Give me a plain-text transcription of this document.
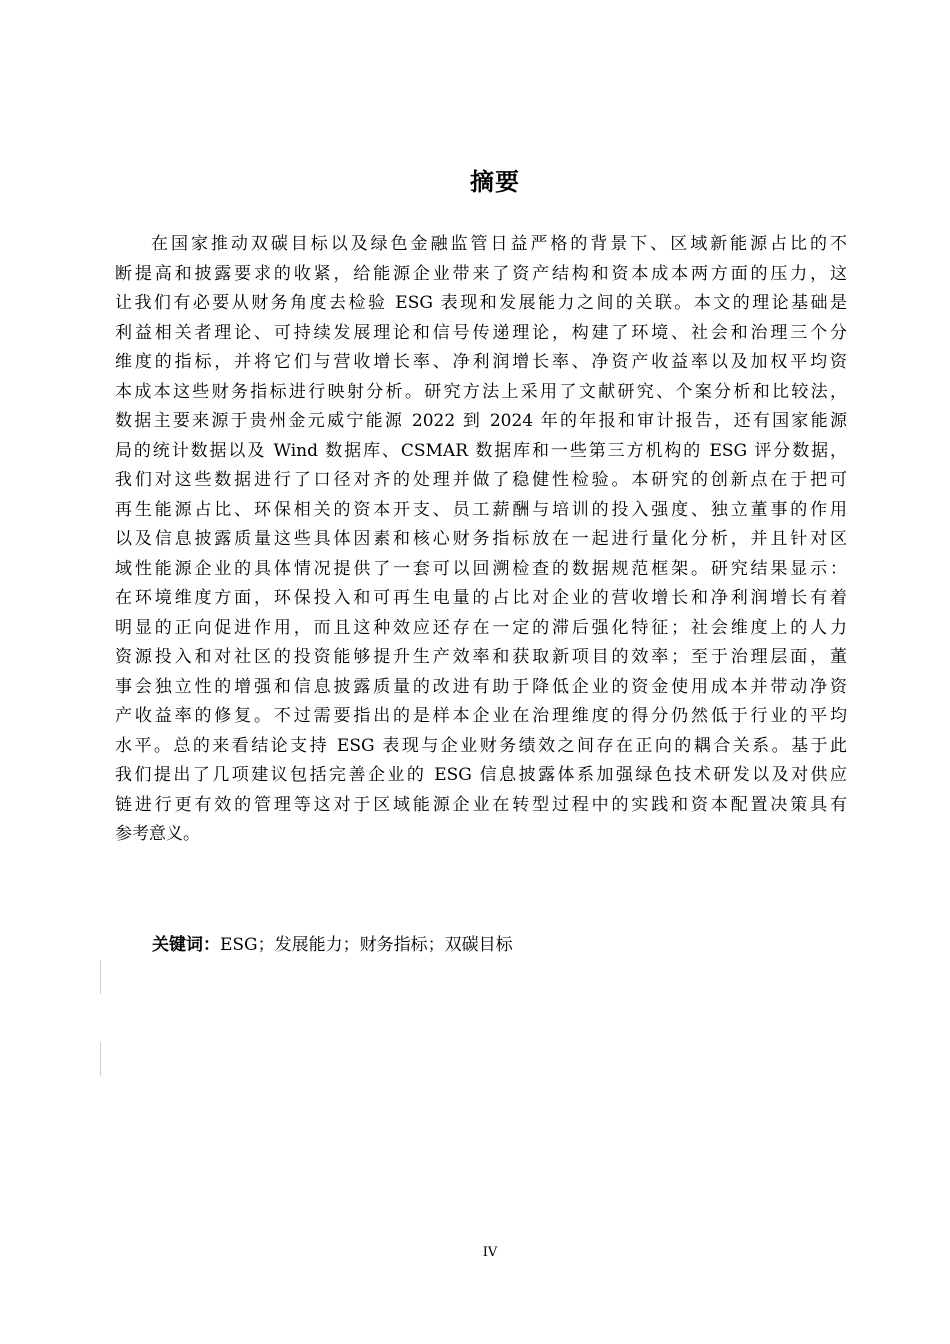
摘要
在国家推动双碳目标以及绿色金融监管日益严格的背景下、区域新能源占比的不
断提高和披露要求的收紧，给能源企业带来了资产结构和资本成本两方面的压力，这
让我们有必要从财务角度去检验 ESG 表现和发展能力之间的关联。本文的理论基础是
利益相关者理论、可持续发展理论和信号传递理论，构建了环境、社会和治理三个分
维度的指标，并将它们与营收增长率、净利润增长率、净资产收益率以及加权平均资
本成本这些财务指标进行映射分析。研究方法上采用了文献研究、个案分析和比较法，
数据主要来源于贵州金元威宁能源 2022 到 2024 年的年报和审计报告，还有国家能源
局的统计数据以及 Wind 数据库、CSMAR 数据库和一些第三方机构的 ESG 评分数据，
我们对这些数据进行了口径对齐的处理并做了稳健性检验。本研究的创新点在于把可
再生能源占比、环保相关的资本开支、员工薪酬与培训的投入强度、独立董事的作用
以及信息披露质量这些具体因素和核心财务指标放在一起进行量化分析，并且针对区
域性能源企业的具体情况提供了一套可以回溯检查的数据规范框架。研究结果显示：
在环境维度方面，环保投入和可再生电量的占比对企业的营收增长和净利润增长有着
明显的正向促进作用，而且这种效应还存在一定的滞后强化特征；社会维度上的人力
资源投入和对社区的投资能够提升生产效率和获取新项目的效率；至于治理层面，董
事会独立性的增强和信息披露质量的改进有助于降低企业的资金使用成本并带动净资
产收益率的修复。不过需要指出的是样本企业在治理维度的得分仍然低于行业的平均
水平。总的来看结论支持 ESG 表现与企业财务绩效之间存在正向的耦合关系。基于此
我们提出了几项建议包括完善企业的 ESG 信息披露体系加强绿色技术研发以及对供应
链进行更有效的管理等这对于区域能源企业在转型过程中的实践和资本配置决策具有
参考意义。
关键词：ESG；发展能力；财务指标；双碳目标
IV
